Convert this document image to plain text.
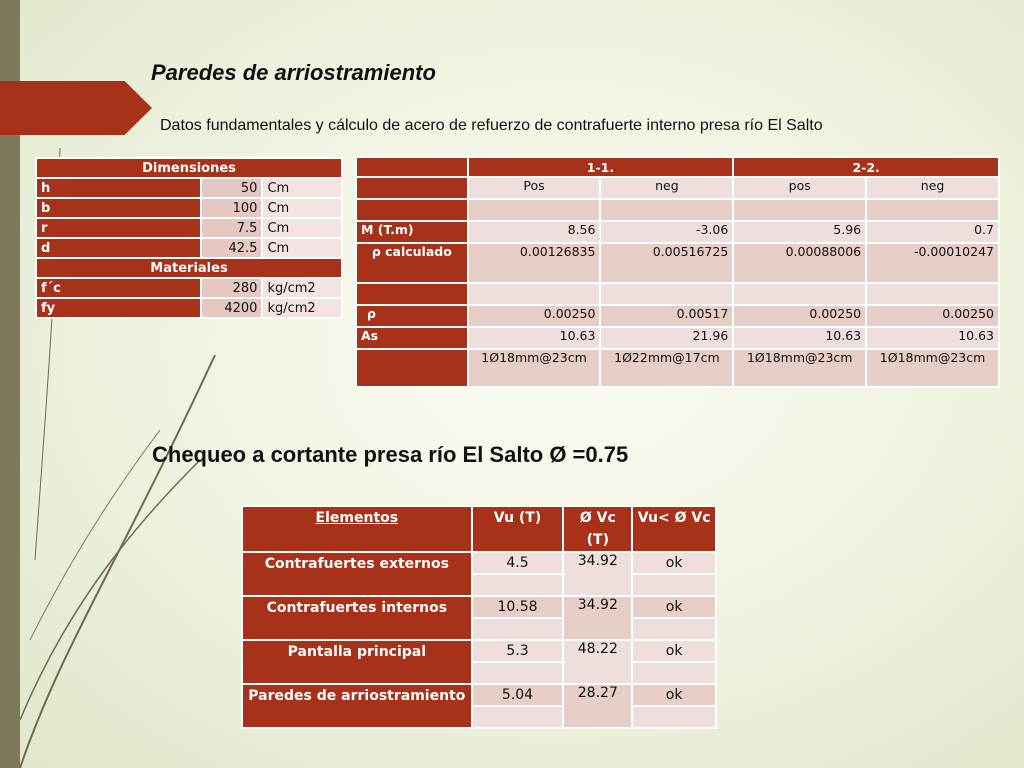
Paredes de arriostramiento
Datos fundamentales y cálculo de acero de refuerzo de contrafuerte interno presa río El Salto
Dimensiones		
h	50	Cm
b	100	Cm
r	7.5	Cm
d	42.5	Cm
Materiales		
f´c	280	kg/cm2
fy	4200	kg/cm2
	1-1.		2-2.	
	Pos	neg	pos	neg

M (T.m)	8.56	-3.06	5.96	0.7
ρ calculado	0.00126835	0.00516725	0.00088006	-0.00010247

ρ	0.00250	0.00517	0.00250	0.00250
As	10.63	21.96	10.63	10.63
	1Ø18mm@23cm	1Ø22mm@17cm	1Ø18mm@23cm	1Ø18mm@23cm
Chequeo a cortante presa río El Salto Ø =0.75
Elementos	Vu (T)	Ø Vc (T)	Vu< Ø Vc
Contrafuertes externos	4.5	34.92	ok

Contrafuertes internos	10.58	34.92	ok

Pantalla principal	5.3	48.22	ok

Paredes de arriostramiento	5.04	28.27	ok
